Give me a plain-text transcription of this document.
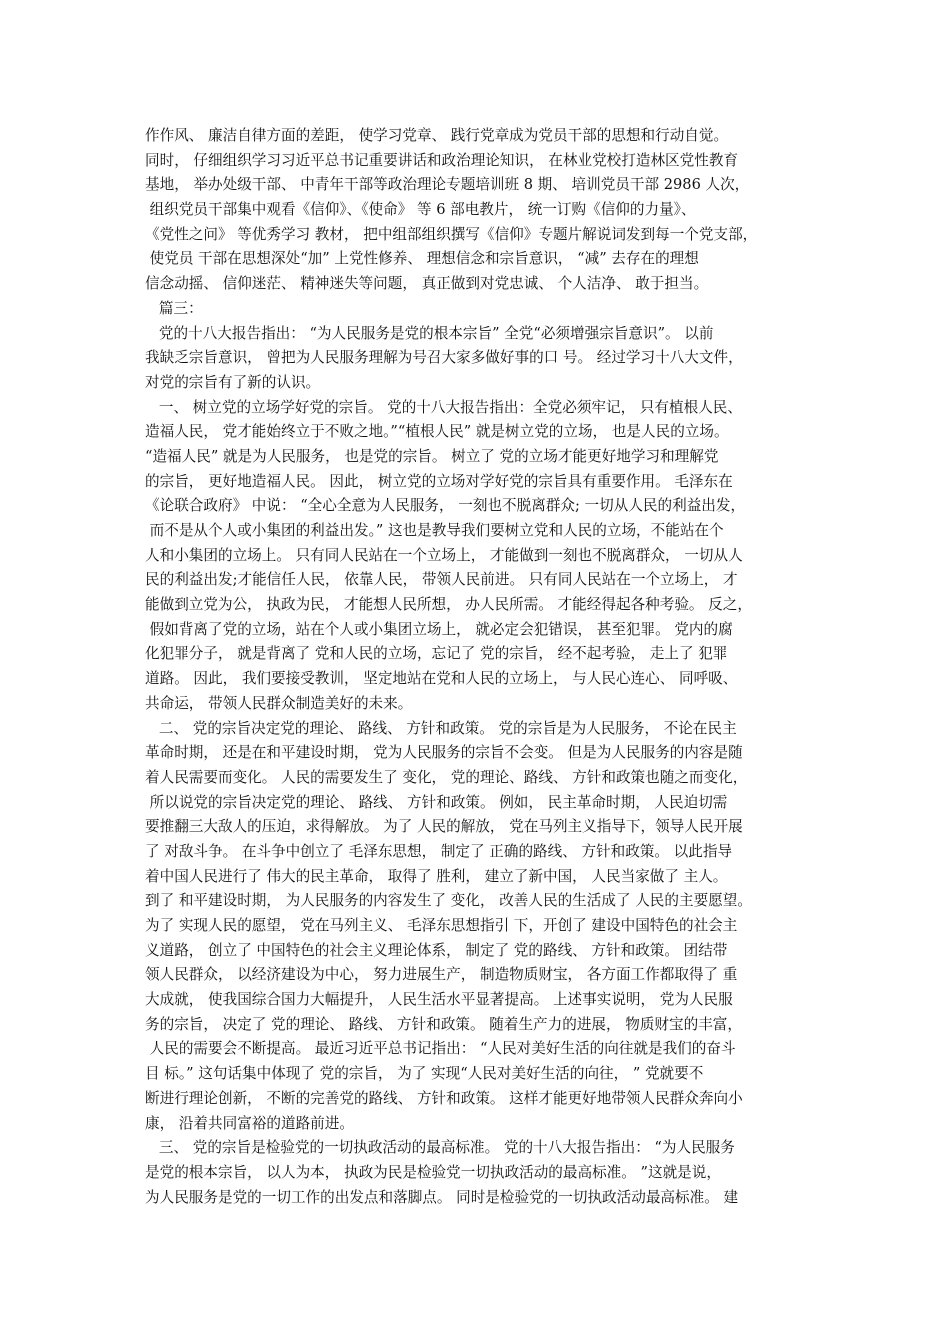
作作风、 廉洁自律方面的差距， 使学习党章、 践行党章成为党员干部的思想和行动自觉。
同时， 仔细组织学习习近平总书记重要讲话和政治理论知识， 在林业党校打造林区党性教育
基地， 举办处级干部、 中青年干部等政治理论专题培训班 8 期、 培训党员干部 2986 人次，
组织党员干部集中观看《信仰》、《使命》 等 6 部电教片， 统一订购《信仰的力量》、
《党性之问》 等优秀学习 教材， 把中组部组织撰写《信仰》专题片解说词发到每一个党支部，
使党员 干部在思想深处“加” 上党性修养、 理想信念和宗旨意识， “减” 去存在的理想
信念动摇、 信仰迷茫、 精神迷失等问题， 真正做到对党忠诚、 个人洁净、 敢于担当。
篇三：
党的十八大报告指出： “为人民服务是党的根本宗旨” 全党“必须增强宗旨意识”。 以前
我缺乏宗旨意识， 曾把为人民服务理解为号召大家多做好事的口 号。 经过学习十八大文件，
对党的宗旨有了新的认识。
一、 树立党的立场学好党的宗旨。 党的十八大报告指出：全党必须牢记， 只有植根人民、
造福人民， 党才能始终立于不败之地。”“植根人民” 就是树立党的立场， 也是人民的立场。
“造福人民” 就是为人民服务， 也是党的宗旨。 树立了 党的立场才能更好地学习和理解党
的宗旨， 更好地造福人民。 因此， 树立党的立场对学好党的宗旨具有重要作用。 毛泽东在
《论联合政府》 中说： “全心全意为人民服务， 一刻也不脱离群众; 一切从人民的利益出发，
而不是从个人或小集团的利益出发。” 这也是教导我们要树立党和人民的立场，不能站在个
人和小集团的立场上。 只有同人民站在一个立场上， 才能做到一刻也不脱离群众， 一切从人
民的利益出发;才能信任人民， 依靠人民， 带领人民前进。 只有同人民站在一个立场上， 才
能做到立党为公， 执政为民， 才能想人民所想， 办人民所需。 才能经得起各种考验。 反之，
假如背离了党的立场，站在个人或小集团立场上， 就必定会犯错误， 甚至犯罪。 党内的腐
化犯罪分子， 就是背离了 党和人民的立场，忘记了 党的宗旨， 经不起考验， 走上了 犯罪
道路。 因此， 我们要接受教训， 坚定地站在党和人民的立场上， 与人民心连心、 同呼吸、
共命运， 带领人民群众制造美好的未来。
二、 党的宗旨决定党的理论、 路线、 方针和政策。 党的宗旨是为人民服务， 不论在民主
革命时期， 还是在和平建设时期， 党为人民服务的宗旨不会变。 但是为人民服务的内容是随
着人民需要而变化。 人民的需要发生了 变化， 党的理论、路线、 方针和政策也随之而变化，
所以说党的宗旨决定党的理论、 路线、 方针和政策。 例如， 民主革命时期， 人民迫切需
要推翻三大敌人的压迫，求得解放。 为了 人民的解放， 党在马列主义指导下，领导人民开展
了 对敌斗争。 在斗争中创立了 毛泽东思想， 制定了 正确的路线、 方针和政策。 以此指导
着中国人民进行了 伟大的民主革命， 取得了 胜利， 建立了新中国， 人民当家做了 主人。
到了 和平建设时期， 为人民服务的内容发生了 变化， 改善人民的生活成了 人民的主要愿望。
为了 实现人民的愿望， 党在马列主义、 毛泽东思想指引 下，开创了 建设中国特色的社会主
义道路， 创立了 中国特色的社会主义理论体系， 制定了 党的路线、 方针和政策。 团结带
领人民群众， 以经济建设为中心， 努力进展生产， 制造物质财宝， 各方面工作都取得了 重
大成就， 使我国综合国力大幅提升， 人民生活水平显著提高。 上述事实说明， 党为人民服
务的宗旨， 决定了 党的理论、 路线、 方针和政策。 随着生产力的进展， 物质财宝的丰富，
人民的需要会不断提高。 最近习近平总书记指出： “人民对美好生活的向往就是我们的奋斗
目 标。” 这句话集中体现了 党的宗旨， 为了 实现“人民对美好生活的向往， ” 党就要不
断进行理论创新， 不断的完善党的路线、 方针和政策。 这样才能更好地带领人民群众奔向小
康， 沿着共同富裕的道路前进。
三、 党的宗旨是检验党的一切执政活动的最高标准。 党的十八大报告指出： “为人民服务
是党的根本宗旨， 以人为本， 执政为民是检验党一切执政活动的最高标准。 ”这就是说，
为人民服务是党的一切工作的出发点和落脚点。 同时是检验党的一切执政活动最高标准。 建
